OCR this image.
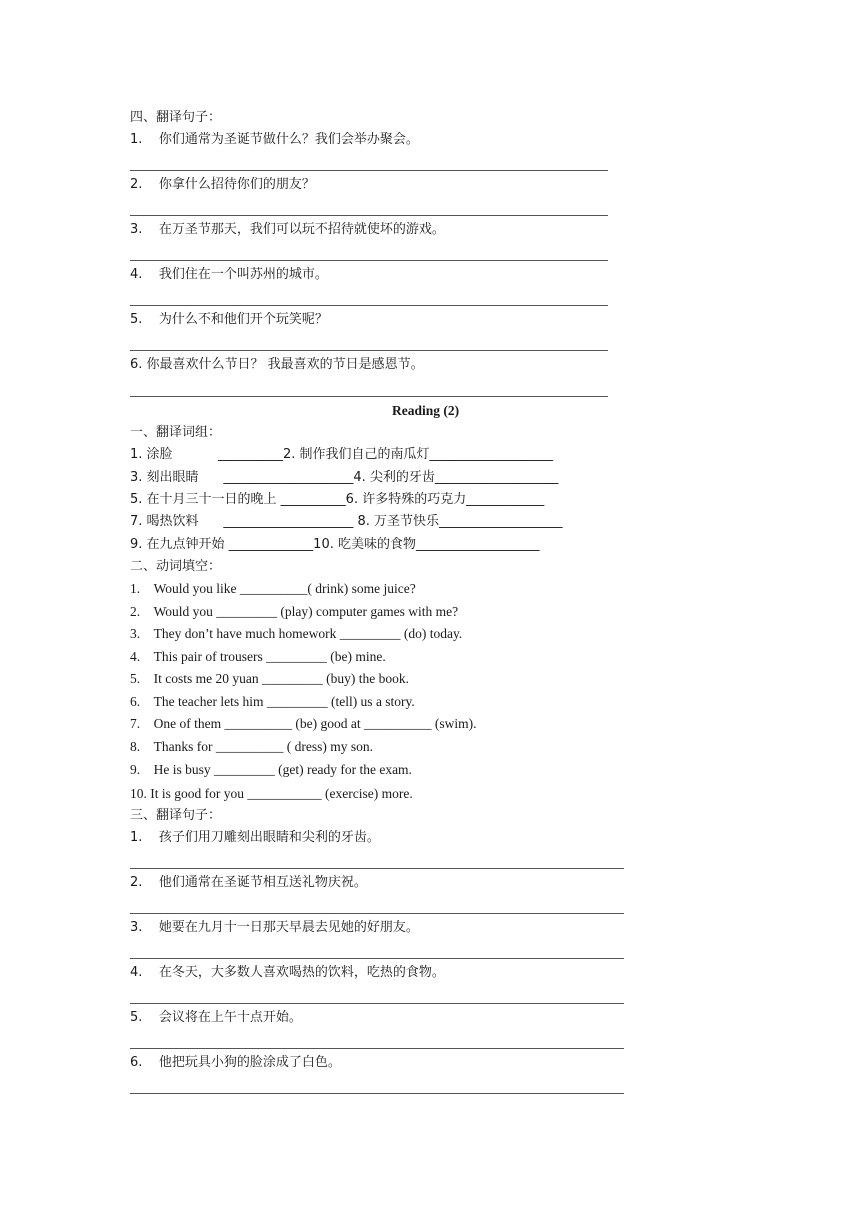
四、翻译句子：
1.    你们通常为圣诞节做什么？我们会举办聚会。
2.    你拿什么招待你们的朋友？
3.    在万圣节那天，我们可以玩不招待就使坏的游戏。
4.    我们住在一个叫苏州的城市。
5.    为什么不和他们开个玩笑呢？
6. 你最喜欢什么节日？ 我最喜欢的节日是感恩节。
Reading (2)
一、翻译词组：
1. 涂脸           __________2. 制作我们自己的南瓜灯___________________
3. 刻出眼睛      ____________________4. 尖利的牙齿___________________
5. 在十月三十一日的晚上 __________6. 许多特殊的巧克力____________
7. 喝热饮料      ____________________ 8. 万圣节快乐___________________
9. 在九点钟开始 _____________10. 吃美味的食物___________________
二、动词填空：
1.    Would you like __________( drink) some juice?
2.    Would you _________ (play) computer games with me?
3.    They don’t have much homework _________ (do) today.
4.    This pair of trousers _________ (be) mine.
5.    It costs me 20 yuan _________ (buy) the book.
6.    The teacher lets him _________ (tell) us a story.
7.    One of them __________ (be) good at __________ (swim).
8.    Thanks for __________ ( dress) my son.
9.    He is busy _________ (get) ready for the exam.
10. It is good for you ___________ (exercise) more.
三、翻译句子：
1.    孩子们用刀雕刻出眼睛和尖利的牙齿。
2.    他们通常在圣诞节相互送礼物庆祝。
3.    她要在九月十一日那天早晨去见她的好朋友。
4.    在冬天，大多数人喜欢喝热的饮料，吃热的食物。
5.    会议将在上午十点开始。
6.    他把玩具小狗的脸涂成了白色。
